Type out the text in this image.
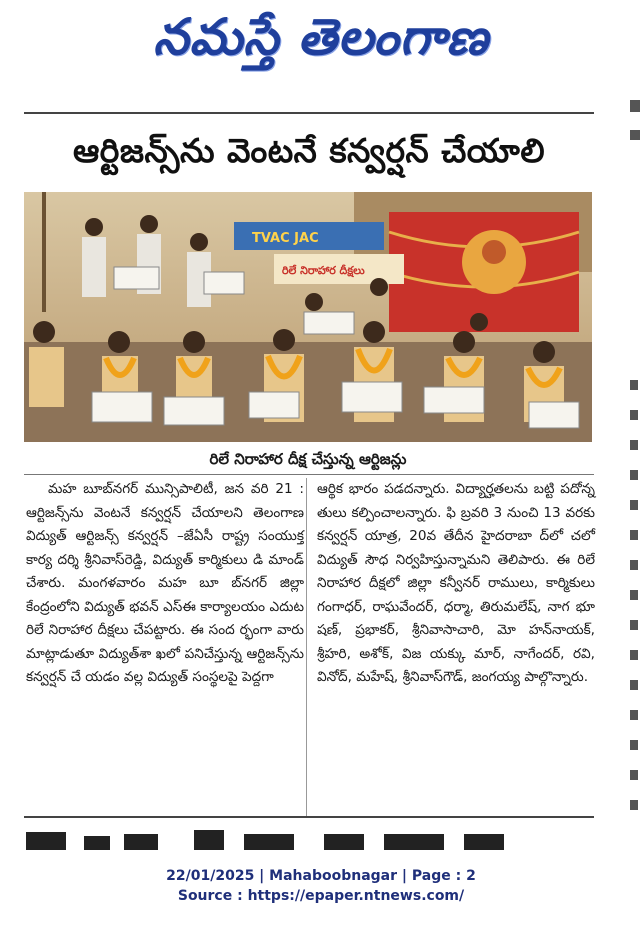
నమస్తే తెలంగాణ
ఆర్టిజన్స్‌ను వెంటనే కన్వర్షన్ చేయాలి
TVAC JAC
రిలే నిరాహార దీక్షలు
రిలే నిరాహార దీక్ష చేస్తున్న ఆర్టిజన్లు

మహ బూబ్‌నగర్ మున్సిపాలిటీ, జన వరి 21 : ఆర్టిజన్స్‌ను వెంటనే కన్వర్షన్ చేయాలని తెలంగాణ విద్యుత్ ఆర్టిజన్స్ కన్వర్షన్ –జేఏసీ రాష్ట్ర సంయుక్త కార్య దర్శి శ్రీనివాస్‌రెడ్డి, విద్యుత్ కార్మికులు డి మాండ్ చేశారు. మంగళవారం మహ బూ బ్‌నగర్ జిల్లా కేంద్రంలోని విద్యుత్ భవన్ ఎస్‌ఈ కార్యాలయం ఎదుట రిలే నిరాహార దీక్షలు చేపట్టారు. ఈ సంద ర్భంగా వారు మాట్లాడుతూ విద్యుత్‌శా ఖలో పనిచేస్తున్న ఆర్టిజన్స్‌ను కన్వర్షన్ చే యడం వల్ల విద్యుత్ సంస్థలపై పెద్దగా

ఆర్థిక భారం పడదన్నారు. విద్యార్హతలను బట్టి పదోన్న తులు కల్పించాలన్నారు. ఫి బ్రవరి 3 నుంచి 13 వరకు కన్వర్షన్ యాత్ర, 20వ తేదీన హైదరాబా ద్‌లో చలో విద్యుత్ సౌధ నిర్వహిస్తున్నామని తెలిపారు. ఈ రిలే నిరాహార దీక్షలో జిల్లా కన్వీనర్ రాములు, కార్మికులు గంగాధర్, రాఘవేందర్, ధర్మా, తిరుమలేష్, నాగ భూ షణ్, ప్రభాకర్, శ్రీనివాసాచారి, మో హన్‌నాయక్, శ్రీహరి, అశోక్, విజ యక్కు మార్, నాగేందర్, రవి, వినోద్, మహేష్, శ్రీనివాస్‌గౌడ్, జంగయ్య పాల్గొన్నారు.

22/01/2025 | Mahaboobnagar | Page : 2
Source : https://epaper.ntnews.com/
